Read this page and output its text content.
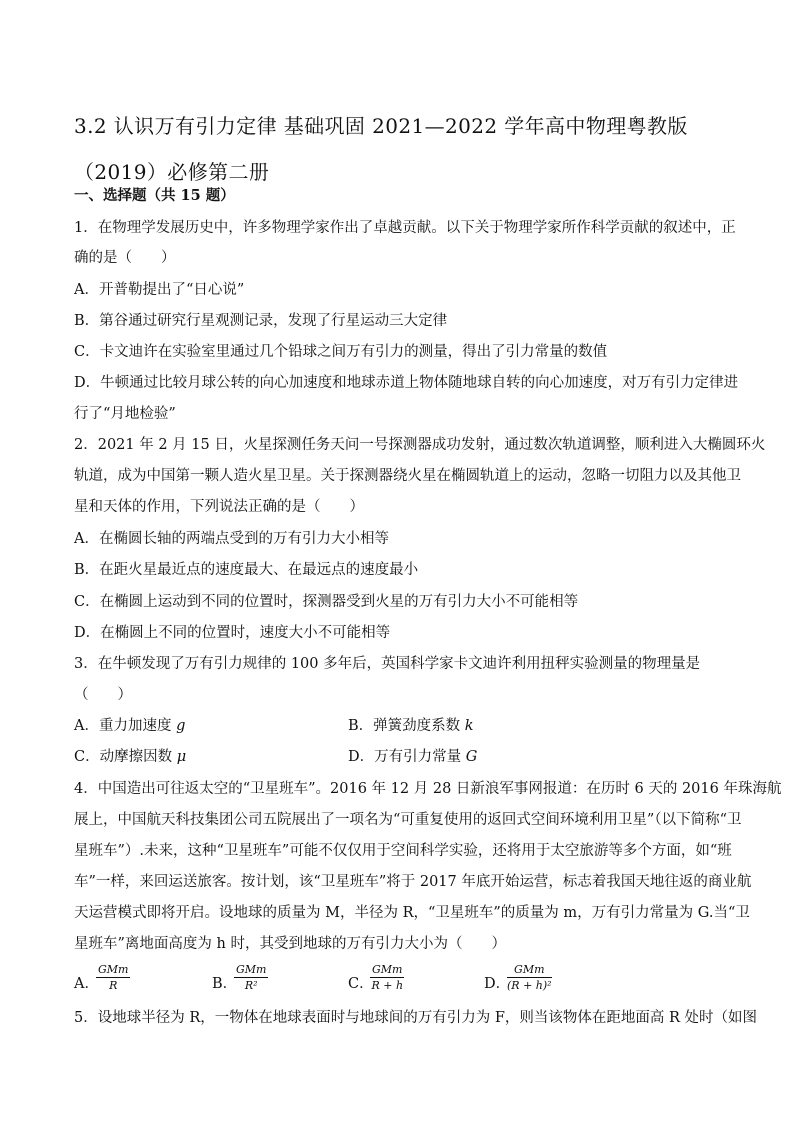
3.2 认识万有引力定律 基础巩固 2021—2022 学年高中物理粤教版
（2019）必修第二册
一、选择题（共 15 题）
1．在物理学发展历史中，许多物理学家作出了卓越贡献。以下关于物理学家所作科学贡献的叙述中，正
确的是（　　）
A．开普勒提出了“日心说”
B．第谷通过研究行星观测记录，发现了行星运动三大定律
C．卡文迪许在实验室里通过几个铅球之间万有引力的测量，得出了引力常量的数值
D．牛顿通过比较月球公转的向心加速度和地球赤道上物体随地球自转的向心加速度，对万有引力定律进
行了“月地检验”
2．2021 年 2 月 15 日，火星探测任务天问一号探测器成功发射，通过数次轨道调整，顺利进入大椭圆环火
轨道，成为中国第一颗人造火星卫星。关于探测器绕火星在椭圆轨道上的运动，忽略一切阻力以及其他卫
星和天体的作用，下列说法正确的是（　　）
A．在椭圆长轴的两端点受到的万有引力大小相等
B．在距火星最近点的速度最大、在最远点的速度最小
C．在椭圆上运动到不同的位置时，探测器受到火星的万有引力大小不可能相等
D．在椭圆上不同的位置时，速度大小不可能相等
3．在牛顿发现了万有引力规律的 100 多年后，英国科学家卡文迪许利用扭秤实验测量的物理量是
（　　）
A．重力加速度 g	B．弹簧劲度系数 k
C．动摩擦因数 μ	D．万有引力常量 G
4．中国造出可往返太空的“卫星班车”。2016 年 12 月 28 日新浪军事网报道：在历时 6 天的 2016 年珠海航
展上，中国航天科技集团公司五院展出了一项名为“可重复使用的返回式空间环境利用卫星”（以下简称“卫
星班车”）.未来，这种“卫星班车”可能不仅仅用于空间科学实验，还将用于太空旅游等多个方面，如“班
车”一样，来回运送旅客。按计划，该“卫星班车”将于 2017 年底开始运营，标志着我国天地往返的商业航
天运营模式即将开启。设地球的质量为 M，半径为 R，“卫星班车”的质量为 m，万有引力常量为 G.当“卫
星班车”离地面高度为 h 时，其受到地球的万有引力大小为（　　）
A．
GMm
R	B．
GMm
R²	C．
GMm
R + h	D．
GMm
(R + h)²
5．设地球半径为 R，一物体在地球表面时与地球间的万有引力为 F，则当该物体在距地面高 R 处时（如图
